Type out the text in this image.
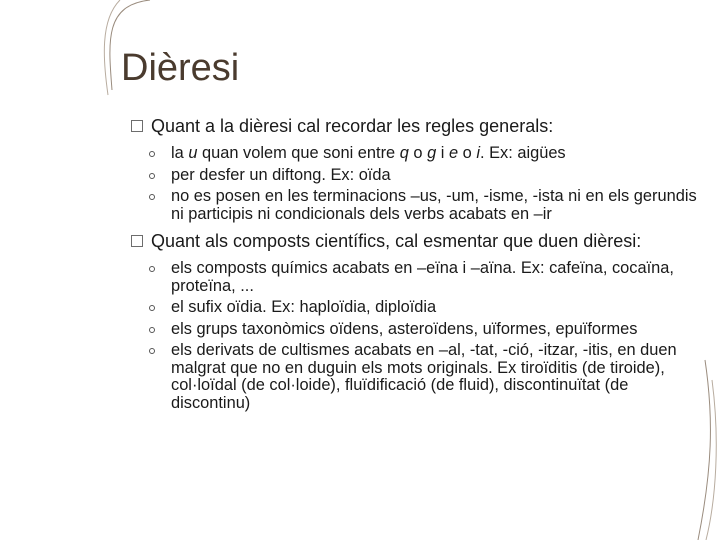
Dièresi

Quant a la dièresi cal recordar les regles generals:

la u quan volem que soni entre q o g i e o i. Ex: aigües

per desfer un diftong. Ex: oïda

no es posen en les terminacions –us, -um, -isme, -ista ni en els gerundis ni participis ni condicionals dels verbs acabats en –ir

Quant als composts científics, cal esmentar que duen dièresi:

els composts químics acabats en –eïna i –aïna. Ex: cafeïna, cocaïna, proteïna, ...

el sufix oïdia. Ex: haploïdia, diploïdia

els grups taxonòmics oïdens, asteroïdens, uïformes, epuïformes

els derivats de cultismes acabats en –al, -tat, -ció, -itzar, -itis, en duen malgrat que no en duguin els mots originals. Ex tiroïditis (de tiroide), col·loïdal (de col·loide), fluïdificació (de fluid), discontinuïtat (de discontinu)
